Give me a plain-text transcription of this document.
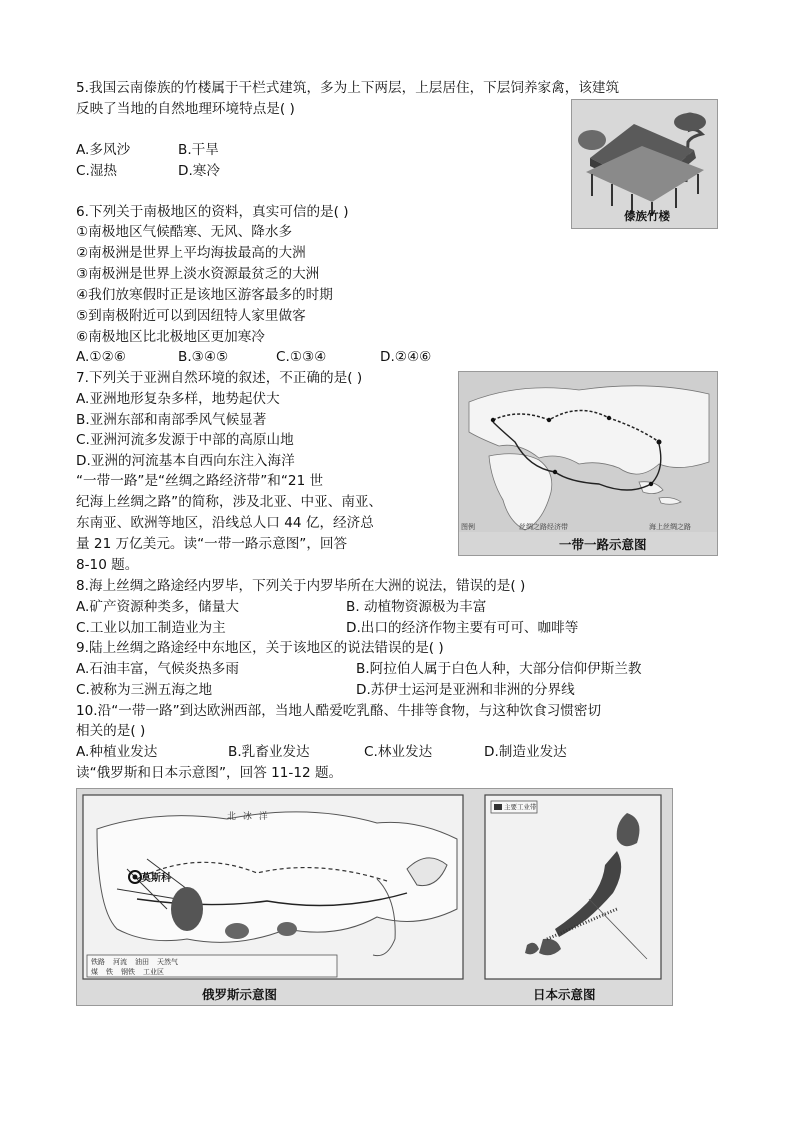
5.我国云南傣族的竹楼属于干栏式建筑，多为上下两层，上层居住，下层饲养家禽，该建筑
反映了当地的自然地理环境特点是( )
A.多风沙	B.干旱
C.湿热	D.寒冷
傣族竹楼
6.下列关于南极地区的资料，真实可信的是( )
①南极地区气候酷寒、无风、降水多
②南极洲是世界上平均海拔最高的大洲
③南极洲是世界上淡水资源最贫乏的大洲
④我们放寒假时正是该地区游客最多的时期
⑤到南极附近可以到因纽特人家里做客
⑥南极地区比北极地区更加寒冷
A.①②⑥	B.③④⑤	C.①③④	D.②④⑥
7.下列关于亚洲自然环境的叙述，不正确的是( )
A.亚洲地形复杂多样，地势起伏大
B.亚洲东部和南部季风气候显著
C.亚洲河流多发源于中部的高原山地
D.亚洲的河流基本自西向东注入海洋
“一带一路”是“丝绸之路经济带”和“21 世
纪海上丝绸之路”的简称，涉及北亚、中亚、南亚、
东南亚、欧洲等地区，沿线总人口 44 亿，经济总
量 21 万亿美元。读“一带一路示意图”，回答
8-10 题。
图例	丝绸之路经济带	海上丝绸之路
一带一路示意图
8.海上丝绸之路途经内罗毕，下列关于内罗毕所在大洲的说法，错误的是( )
A.矿产资源种类多，储量大	B. 动植物资源极为丰富
C.工业以加工制造业为主	D.出口的经济作物主要有可可、咖啡等
9.陆上丝绸之路途经中东地区，关于该地区的说法错误的是( )
A.石油丰富，气候炎热多雨	B.阿拉伯人属于白色人种，大部分信仰伊斯兰教
C.被称为三洲五海之地	D.苏伊士运河是亚洲和非洲的分界线
10.沿“一带一路”到达欧洲西部，当地人酷爱吃乳酪、牛排等食物，与这种饮食习惯密切
相关的是( )
A.种植业发达	B.乳畜业发达	C.林业发达	D.制造业发达
读“俄罗斯和日本示意图”，回答 11-12 题。
北 冰 洋
莫斯科
铁路 河流 油田 天然气
煤 铁 钢铁 工业区
俄罗斯示意图
主要工业带
日本示意图
